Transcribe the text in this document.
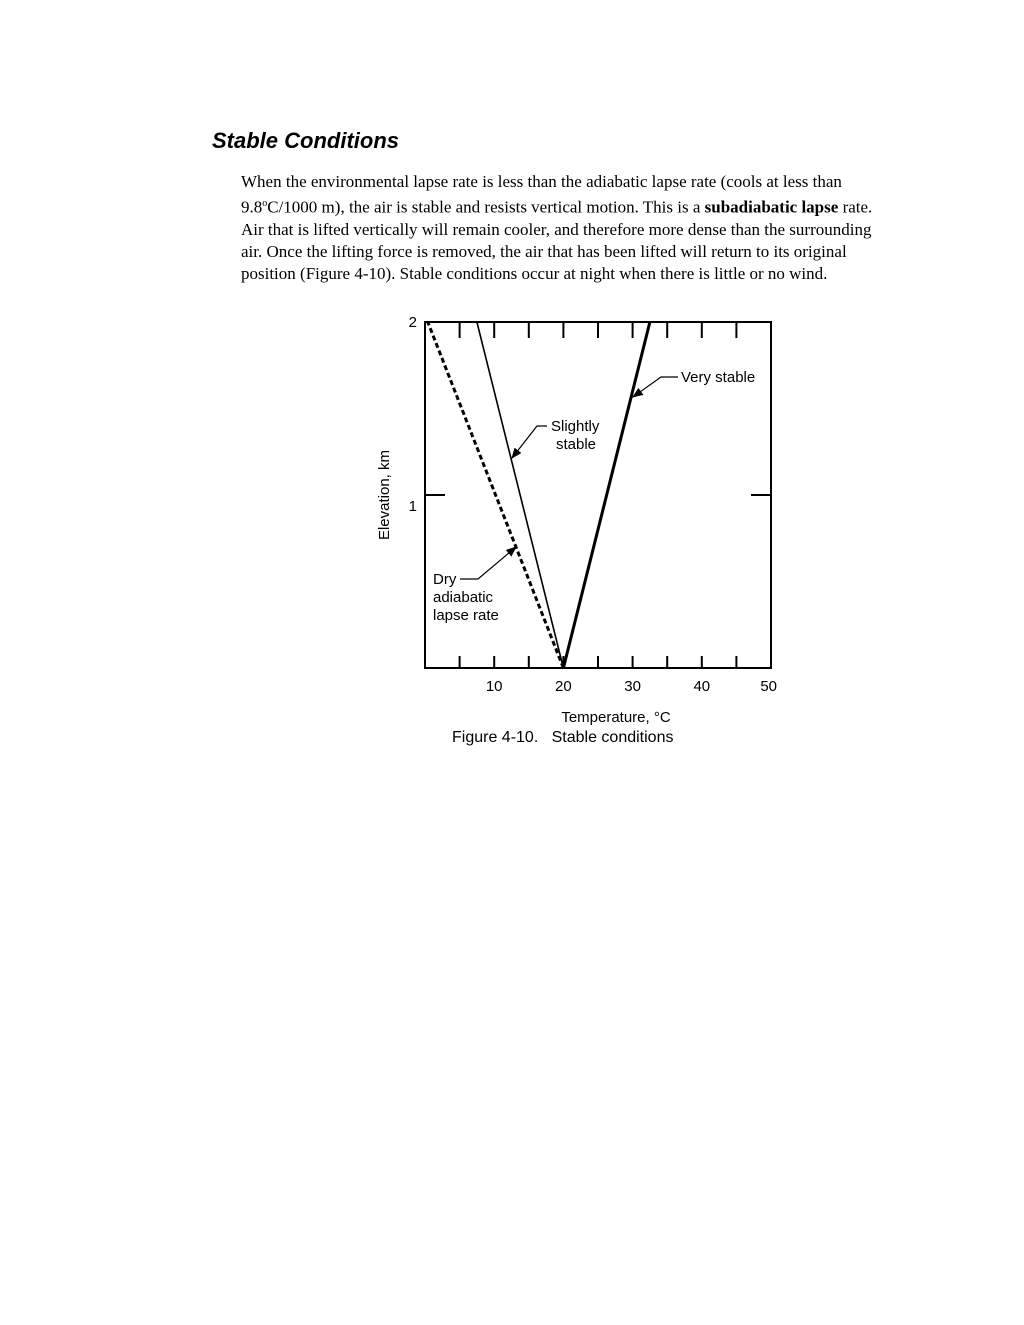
Stable Conditions

When the environmental lapse rate is less than the adiabatic lapse rate (cools at less than 9.8$^o$C/1000 m), the air is stable and resists vertical motion. This is a subadiabatic lapse rate. Air that is lifted vertically will remain cooler, and therefore more dense than the surrounding air. Once the lifting force is removed, the air that has been lifted will return to its original position (Figure 4-10). Stable conditions occur at night when there is little or no wind.

10	20	30	40	50
1
2
Temperature, °C
Elevation, km
Slightly
stable
Dry
adiabatic
lapse rate
Very stable
Figure 4-10.   Stable conditions
